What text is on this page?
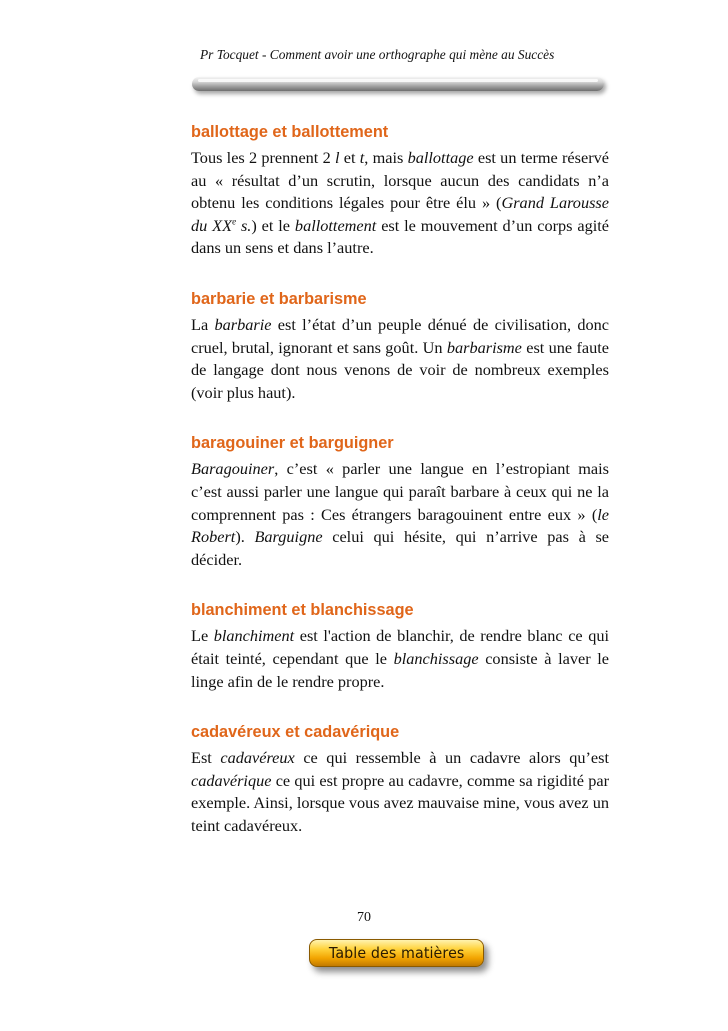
Pr Tocquet - Comment avoir une orthographe qui mène au Succès
ballottage et ballottement

Tous les 2 prennent 2 l et t, mais ballottage est un terme réservé au « résultat d’un scrutin, lorsque aucun des candidats n’a obtenu les conditions légales pour être élu » (Grand Larousse du XXe s.) et le ballottement est le mouvement d’un corps agité dans un sens et dans l’autre.

barbarie et barbarisme

La barbarie est l’état d’un peuple dénué de civilisation, donc cruel, brutal, ignorant et sans goût. Un barbarisme est une faute de langage dont nous venons de voir de nombreux exemples (voir plus haut).

baragouiner et barguigner

Baragouiner, c’est « parler une langue en l’estropiant mais c’est aussi parler une langue qui paraît barbare à ceux qui ne la comprennent pas : Ces étrangers baragouinent entre eux » (le Robert). Barguigne celui qui hésite, qui n’arrive pas à se décider.

blanchiment et blanchissage

Le blanchiment est l'action de blanchir, de rendre blanc ce qui était teinté, cependant que le blanchissage consiste à laver le linge afin de le rendre propre.

cadavéreux et cadavérique

Est cadavéreux ce qui ressemble à un cadavre alors qu’est cadavérique ce qui est propre au cadavre, comme sa rigidité par exemple. Ainsi, lorsque vous avez mauvaise mine, vous avez un teint cadavéreux.

70
Table des matières
